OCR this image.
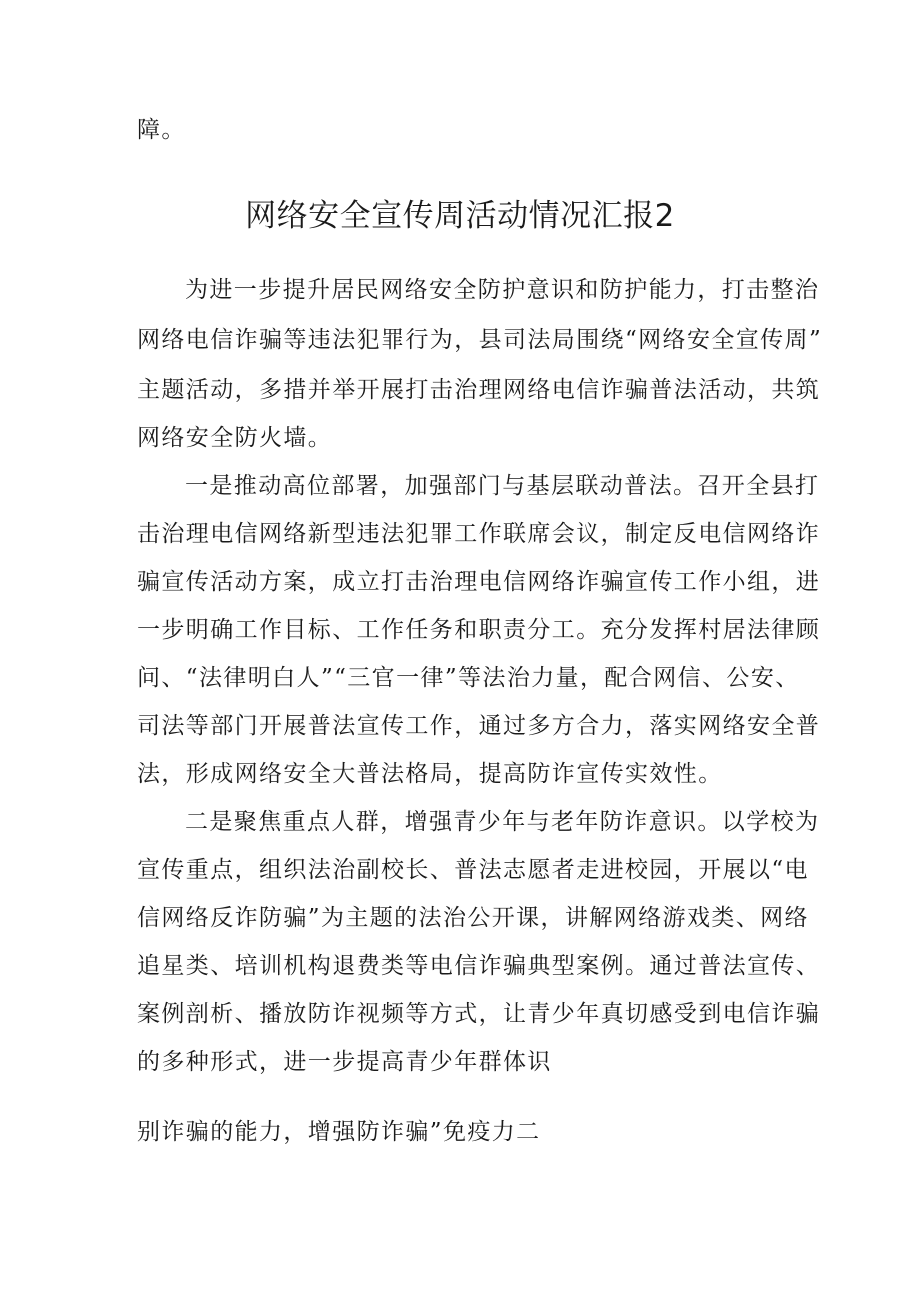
障。
网络安全宣传周活动情况汇报2
为进一步提升居民网络安全防护意识和防护能力，打击整治
网络电信诈骗等违法犯罪行为，县司法局围绕“网络安全宣传周”
主题活动，多措并举开展打击治理网络电信诈骗普法活动，共筑
网络安全防火墙。
一是推动高位部署，加强部门与基层联动普法。召开全县打
击治理电信网络新型违法犯罪工作联席会议，制定反电信网络诈
骗宣传活动方案，成立打击治理电信网络诈骗宣传工作小组，进
一步明确工作目标、工作任务和职责分工。充分发挥村居法律顾
问、“法律明白人”“三官一律”等法治力量，配合网信、公安、
司法等部门开展普法宣传工作，通过多方合力，落实网络安全普
法，形成网络安全大普法格局，提高防诈宣传实效性。
二是聚焦重点人群，增强青少年与老年防诈意识。以学校为
宣传重点，组织法治副校长、普法志愿者走进校园，开展以“电
信网络反诈防骗”为主题的法治公开课，讲解网络游戏类、网络
追星类、培训机构退费类等电信诈骗典型案例。通过普法宣传、
案例剖析、播放防诈视频等方式，让青少年真切感受到电信诈骗
的多种形式，进一步提高青少年群体识
别诈骗的能力，增强防诈骗”免疫力二
